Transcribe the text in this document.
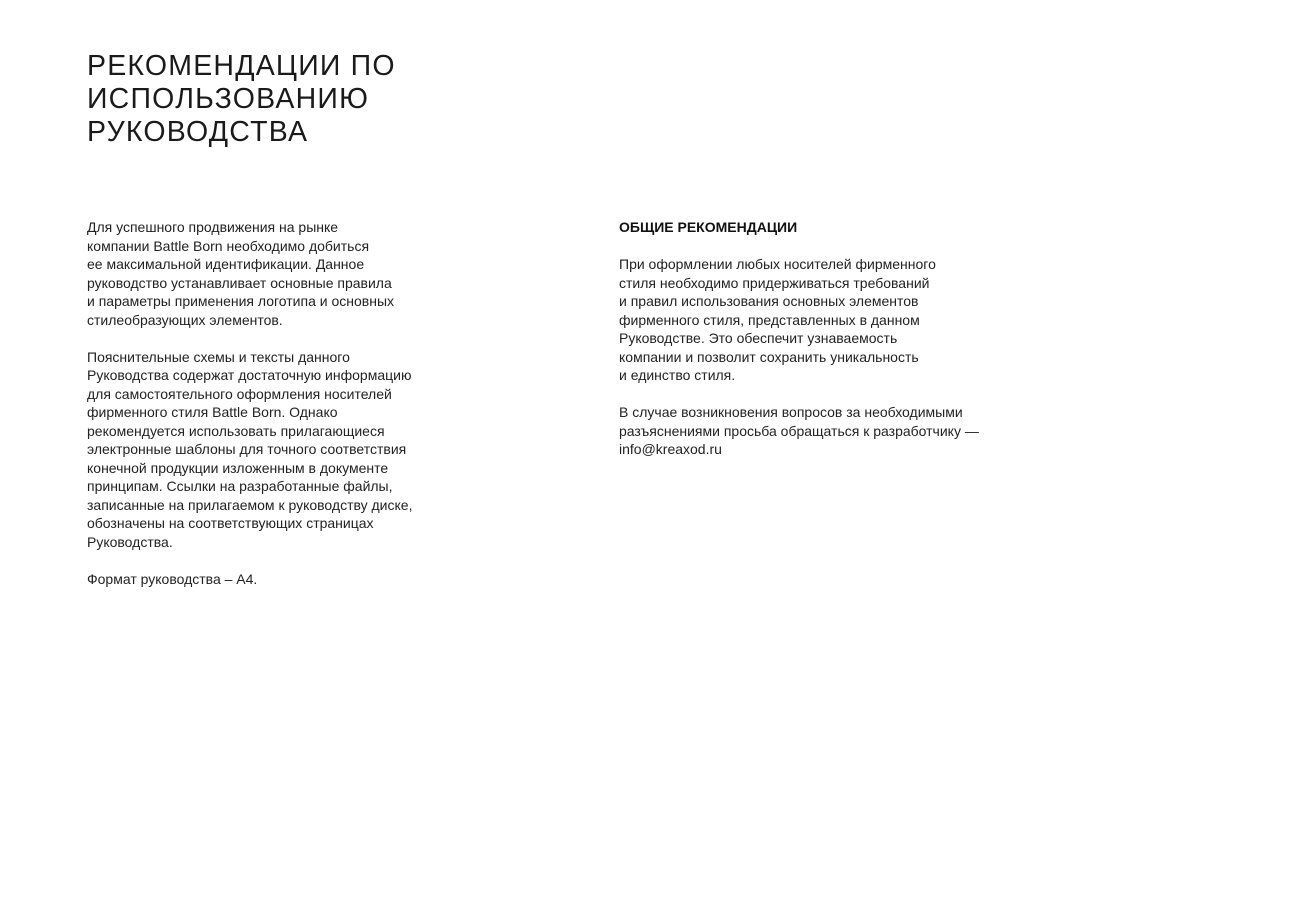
РЕКОМЕНДАЦИИ ПО
ИСПОЛЬЗОВАНИЮ
РУКОВОДСТВА

Для успешного продвижения на рынке
компании Battle Born необходимо добиться
ее максимальной идентификации. Данное
руководство устанавливает основные правила
и параметры применения логотипа и основных
стилеобразующих элементов.

Пояснительные схемы и тексты данного
Руководства содержат достаточную информацию
для самостоятельного оформления носителей
фирменного стиля Battle Born. Однако
рекомендуется использовать прилагающиеся
электронные шаблоны для точного соответствия
конечной продукции изложенным в документе
принципам. Ссылки на разработанные файлы,
записанные на прилагаемом к руководству диске,
обозначены на соответствующих страницах
Руководства.

Формат руководства – А4.

ОБЩИЕ РЕКОМЕНДАЦИИ

При оформлении любых носителей фирменного
стиля необходимо придерживаться требований
и правил использования основных элементов
фирменного стиля, представленных в данном
Руководстве. Это обеспечит узнаваемость
компании и позволит сохранить уникальность
и единство стиля.

В случае возникновения вопросов за необходимыми
разъяснениями просьба обращаться к разработчику —
info@kreaxod.ru
